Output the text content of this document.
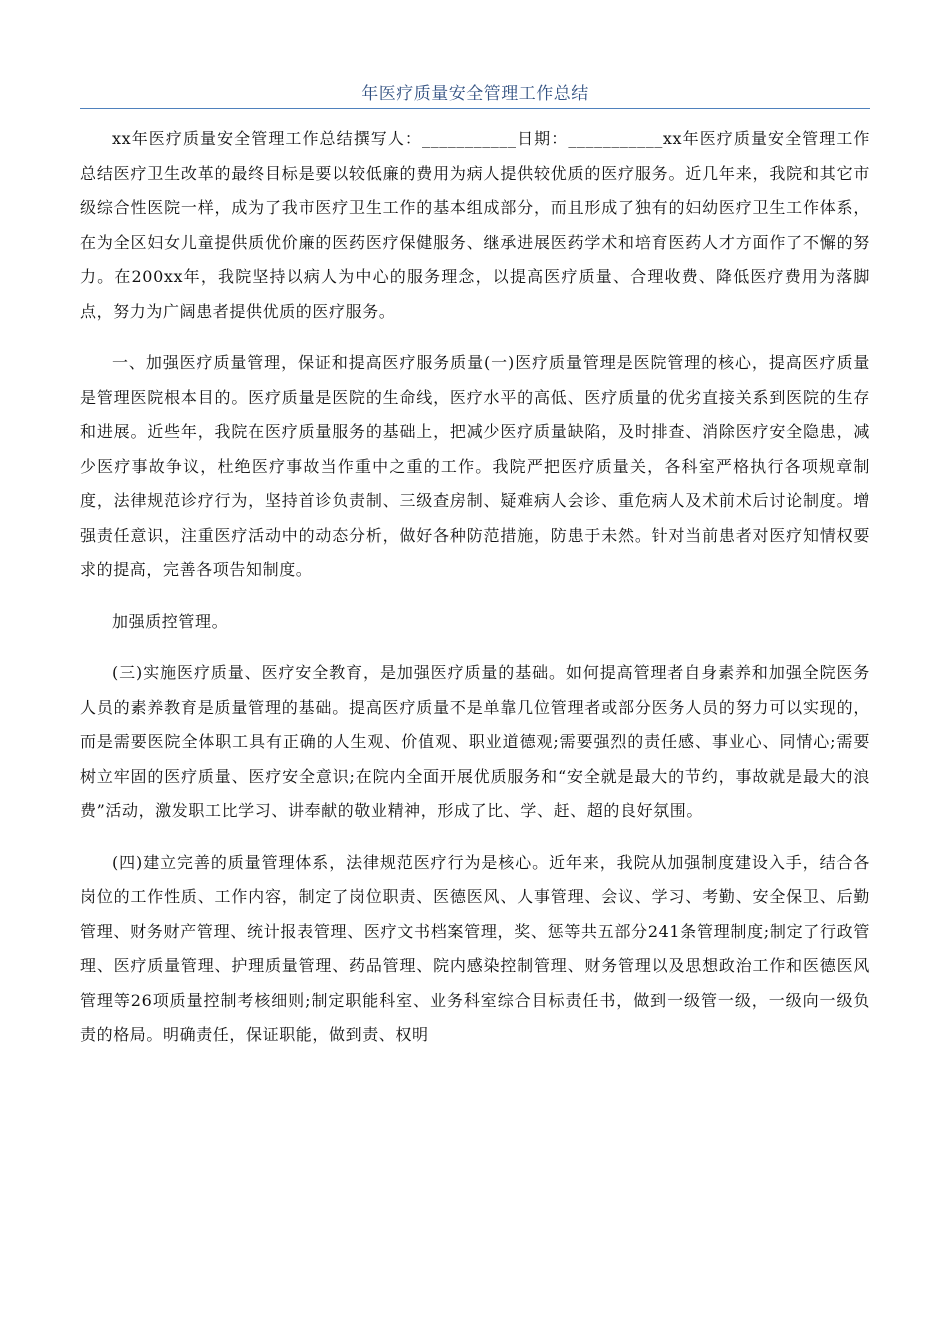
年医疗质量安全管理工作总结

xx年医疗质量安全管理工作总结撰写人：___________日期：___________xx年医疗质量安全管理工作总结医疗卫生改革的最终目标是要以较低廉的费用为病人提供较优质的医疗服务。近几年来，我院和其它市级综合性医院一样，成为了我市医疗卫生工作的基本组成部分，而且形成了独有的妇幼医疗卫生工作体系，在为全区妇女儿童提供质优价廉的医药医疗保健服务、继承进展医药学术和培育医药人才方面作了不懈的努力。在200xx年，我院坚持以病人为中心的服务理念，以提高医疗质量、合理收费、降低医疗费用为落脚点，努力为广阔患者提供优质的医疗服务。

一、加强医疗质量管理，保证和提高医疗服务质量(一)医疗质量管理是医院管理的核心，提高医疗质量是管理医院根本目的。医疗质量是医院的生命线，医疗水平的高低、医疗质量的优劣直接关系到医院的生存和进展。近些年，我院在医疗质量服务的基础上，把减少医疗质量缺陷，及时排查、消除医疗安全隐患，减少医疗事故争议，杜绝医疗事故当作重中之重的工作。我院严把医疗质量关，各科室严格执行各项规章制度，法律规范诊疗行为，坚持首诊负责制、三级查房制、疑难病人会诊、重危病人及术前术后讨论制度。增强责任意识，注重医疗活动中的动态分析，做好各种防范措施，防患于未然。针对当前患者对医疗知情权要求的提高，完善各项告知制度。

加强质控管理。

(三)实施医疗质量、医疗安全教育，是加强医疗质量的基础。如何提高管理者自身素养和加强全院医务人员的素养教育是质量管理的基础。提高医疗质量不是单靠几位管理者或部分医务人员的努力可以实现的，而是需要医院全体职工具有正确的人生观、价值观、职业道德观;需要强烈的责任感、事业心、同情心;需要树立牢固的医疗质量、医疗安全意识;在院内全面开展优质服务和“安全就是最大的节约，事故就是最大的浪费”活动，激发职工比学习、讲奉献的敬业精神，形成了比、学、赶、超的良好氛围。

(四)建立完善的质量管理体系，法律规范医疗行为是核心。近年来，我院从加强制度建设入手，结合各岗位的工作性质、工作内容，制定了岗位职责、医德医风、人事管理、会议、学习、考勤、安全保卫、后勤管理、财务财产管理、统计报表管理、医疗文书档案管理，奖、惩等共五部分241条管理制度;制定了行政管理、医疗质量管理、护理质量管理、药品管理、院内感染控制管理、财务管理以及思想政治工作和医德医风管理等26项质量控制考核细则;制定职能科室、业务科室综合目标责任书，做到一级管一级，一级向一级负责的格局。明确责任，保证职能，做到责、权明
